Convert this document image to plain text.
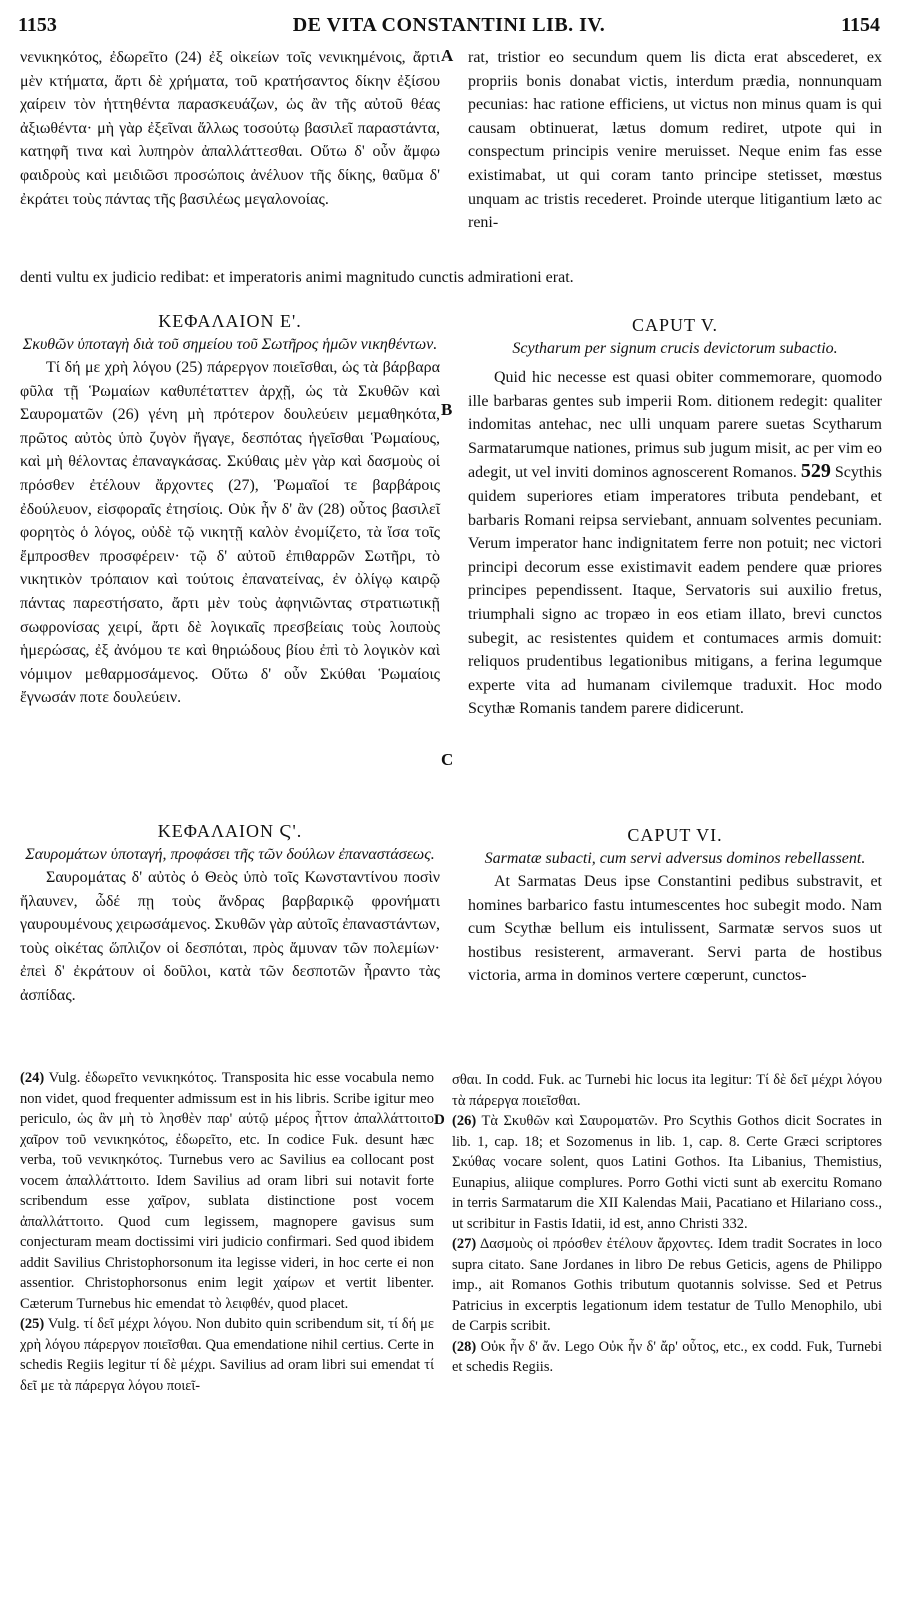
1153	DE VITA CONSTANTINI LIB. IV.	1154
νενικηκότος, ἐδωρεῖτο (24) ἐξ οἰκείων τοῖς νενικημένοις, ἄρτι μὲν κτήματα, ἄρτι δὲ χρήματα, τοῦ κρατήσαντος δίκην ἐξίσου χαίρειν τὸν ἡττηθέντα παρασκευάζων, ὡς ἂν τῆς αὐτοῦ θέας ἀξιωθέντα· μὴ γὰρ ἐξεῖναι ἄλλως τοσούτῳ βασιλεῖ παραστάντα, κατηφῆ τινα καὶ λυπηρὸν ἀπαλλάττεσθαι. Οὕτω δ' οὖν ἄμφω φαιδροὺς καὶ μειδιῶσι προσώποις ἀνέλυον τῆς δίκης, θαῦμα δ' ἐκράτει τοὺς πάντας τῆς βασιλέως μεγαλονοίας.
rat, tristior eo secundum quem lis dicta erat abscederet, ex propriis bonis donabat victis, interdum prædia, nonnunquam pecunias: hac ratione efficiens, ut victus non minus quam is qui causam obtinuerat, lætus domum rediret, utpote qui in conspectum principis venire meruisset. Neque enim fas esse existimabat, ut qui coram tanto principe stetisset, mœstus unquam ac tristis recederet. Proinde uterque litigantium læto ac reni-
A
denti vultu ex judicio redibat: et imperatoris animi magnitudo cunctis admirationi erat.
ΚΕΦΑΛΑΙΟΝ Ε'.
Σκυθῶν ὑποταγὴ διὰ τοῦ σημείου τοῦ Σωτῆρος ἡμῶν νικηθέντων.

Τί δή με χρὴ λόγου (25) πάρεργον ποιεῖσθαι, ὡς τὰ βάρβαρα φῦλα τῇ Ῥωμαίων καθυπέταττεν ἀρχῇ, ὡς τὰ Σκυθῶν καὶ Σαυροματῶν (26) γένη μὴ πρότερον δουλεύειν μεμαθηκότα, πρῶτος αὐτὸς ὑπὸ ζυγὸν ἤγαγε, δεσπότας ἡγεῖσθαι Ῥωμαίους, καὶ μὴ θέλοντας ἐπαναγκάσας. Σκύθαις μὲν γὰρ καὶ δασμοὺς οἱ πρόσθεν ἐτέλουν ἄρχοντες (27), Ῥωμαῖοί τε βαρβάροις ἐδούλευον, εἰσφοραῖς ἐτησίοις. Οὐκ ἦν δ' ἂν (28) οὗτος βασιλεῖ φορητὸς ὁ λόγος, οὐδὲ τῷ νικητῇ καλὸν ἐνομίζετο, τὰ ἴσα τοῖς ἔμπροσθεν προσφέρειν· τῷ δ' αὐτοῦ ἐπιθαρρῶν Σωτῆρι, τὸ νικητικὸν τρόπαιον καὶ τούτοις ἐπανατείνας, ἐν ὀλίγῳ καιρῷ πάντας παρεστήσατο, ἄρτι μὲν τοὺς ἀφηνιῶντας στρατιωτικῇ σωφρονίσας χειρί, ἄρτι δὲ λογικαῖς πρεσβείαις τοὺς λοιποὺς ἡμερώσας, ἐξ ἀνόμου τε καὶ θηριώδους βίου ἐπὶ τὸ λογικὸν καὶ νόμιμον μεθαρμοσάμενος. Οὕτω δ' οὖν Σκύθαι Ῥωμαίοις ἔγνωσάν ποτε δουλεύειν.

CAPUT V.
Scytharum per signum crucis devictorum subactio.

Quid hic necesse est quasi obiter commemorare, quomodo ille barbaras gentes sub imperii Rom. ditionem redegit: qualiter indomitas antehac, nec ulli unquam parere suetas Scytharum Sarmatarumque nationes, primus sub jugum misit, ac per vim eo adegit, ut vel inviti dominos agnoscerent Romanos. 529 Scythis quidem superiores etiam imperatores tributa pendebant, et barbaris Romani reipsa serviebant, annuam solventes pecuniam. Verum imperator hanc indignitatem ferre non potuit; nec victori principi decorum esse existimavit eadem pendere quæ priores principes pependissent. Itaque, Servatoris sui auxilio fretus, triumphali signo ac tropæo in eos etiam illato, brevi cunctos subegit, ac resistentes quidem et contumaces armis domuit: reliquos prudentibus legationibus mitigans, a ferina legumque experte vita ad humanam civilemque traduxit. Hoc modo Scythæ Romanis tandem parere didicerunt.

B
C
ΚΕΦΑΛΑΙΟΝ Ϛ'.
Σαυρομάτων ὑποταγή, προφάσει τῆς τῶν δούλων ἐπαναστάσεως.

Σαυρομάτας δ' αὐτὸς ὁ Θεὸς ὑπὸ τοῖς Κωνσταντίνου ποσὶν ἤλαυνεν, ὧδέ πῃ τοὺς ἄνδρας βαρβαρικῷ φρονήματι γαυρουμένους χειρωσάμενος. Σκυθῶν γὰρ αὐτοῖς ἐπαναστάντων, τοὺς οἰκέτας ὥπλιζον οἱ δεσπόται, πρὸς ἄμυναν τῶν πολεμίων· ἐπεὶ δ' ἐκράτουν οἱ δοῦλοι, κατὰ τῶν δεσποτῶν ἦραντο τὰς ἀσπίδας.

CAPUT VI.
Sarmatæ subacti, cum servi adversus dominos rebellassent.

At Sarmatas Deus ipse Constantini pedibus substravit, et homines barbarico fastu intumescentes hoc subegit modo. Nam cum Scythæ bellum eis intulissent, Sarmatæ servos suos ut hostibus resisterent, armaverant. Servi parta de hostibus victoria, arma in dominos vertere cœperunt, cunctos-

(24) Vulg. ἐδωρεῖτο νενικηκότος. Transposita hic esse vocabula nemo non videt, quod frequenter admissum est in his libris. Scribe igitur meo periculo, ὡς ἂν μὴ τὸ λησθὲν παρ' αὐτῷ μέρος ἧττον ἀπαλλάττοιτο χαῖρον τοῦ νενικηκότος, ἐδωρεῖτο, etc. In codice Fuk. desunt hæc verba, τοῦ νενικηκότος. Turnebus vero ac Savilius ea collocant post vocem ἀπαλλάττοιτο. Idem Savilius ad oram libri sui notavit forte scribendum esse χαῖρον, sublata distinctione post vocem ἀπαλλάττοιτο. Quod cum legissem, magnopere gavisus sum conjecturam meam doctissimi viri judicio confirmari. Sed quod ibidem addit Savilius Christophorsonum ita legisse videri, in hoc certe ei non assentior. Christophorsonus enim legit χαίρων et vertit libenter. Cæterum Turnebus hic emendat τὸ λειφθέν, quod placet.

(25) Vulg. τί δεῖ μέχρι λόγου. Non dubito quin scribendum sit, τί δή με χρὴ λόγου πάρεργον ποιεῖσθαι. Qua emendatione nihil certius. Certe in schedis Regiis legitur τί δὲ μέχρι. Savilius ad oram libri sui emendat τί δεῖ με τὰ πάρεργα λόγου ποιεῖ-

D

σθαι. In codd. Fuk. ac Turnebi hic locus ita legitur: Τί δὲ δεῖ μέχρι λόγου τὰ πάρεργα ποιεῖσθαι.

(26) Τὰ Σκυθῶν καὶ Σαυροματῶν. Pro Scythis Gothos dicit Socrates in lib. 1, cap. 18; et Sozomenus in lib. 1, cap. 8. Certe Græci scriptores Σκύθας vocare solent, quos Latini Gothos. Ita Libanius, Themistius, Eunapius, aliique complures. Porro Gothi victi sunt ab exercitu Romano in terris Sarmatarum die XII Kalendas Maii, Pacatiano et Hilariano coss., ut scribitur in Fastis Idatii, id est, anno Christi 332.

(27) Δασμοὺς οἱ πρόσθεν ἐτέλουν ἄρχοντες. Idem tradit Socrates in loco supra citato. Sane Jordanes in libro De rebus Geticis, agens de Philippo imp., ait Romanos Gothis tributum quotannis solvisse. Sed et Petrus Patricius in excerptis legationum idem testatur de Tullo Menophilo, ubi de Carpis scribit.

(28) Οὐκ ἦν δ' ἄν. Lego Οὐκ ἦν δ' ἄρ' οὗτος, etc., ex codd. Fuk, Turnebi et schedis Regiis.
